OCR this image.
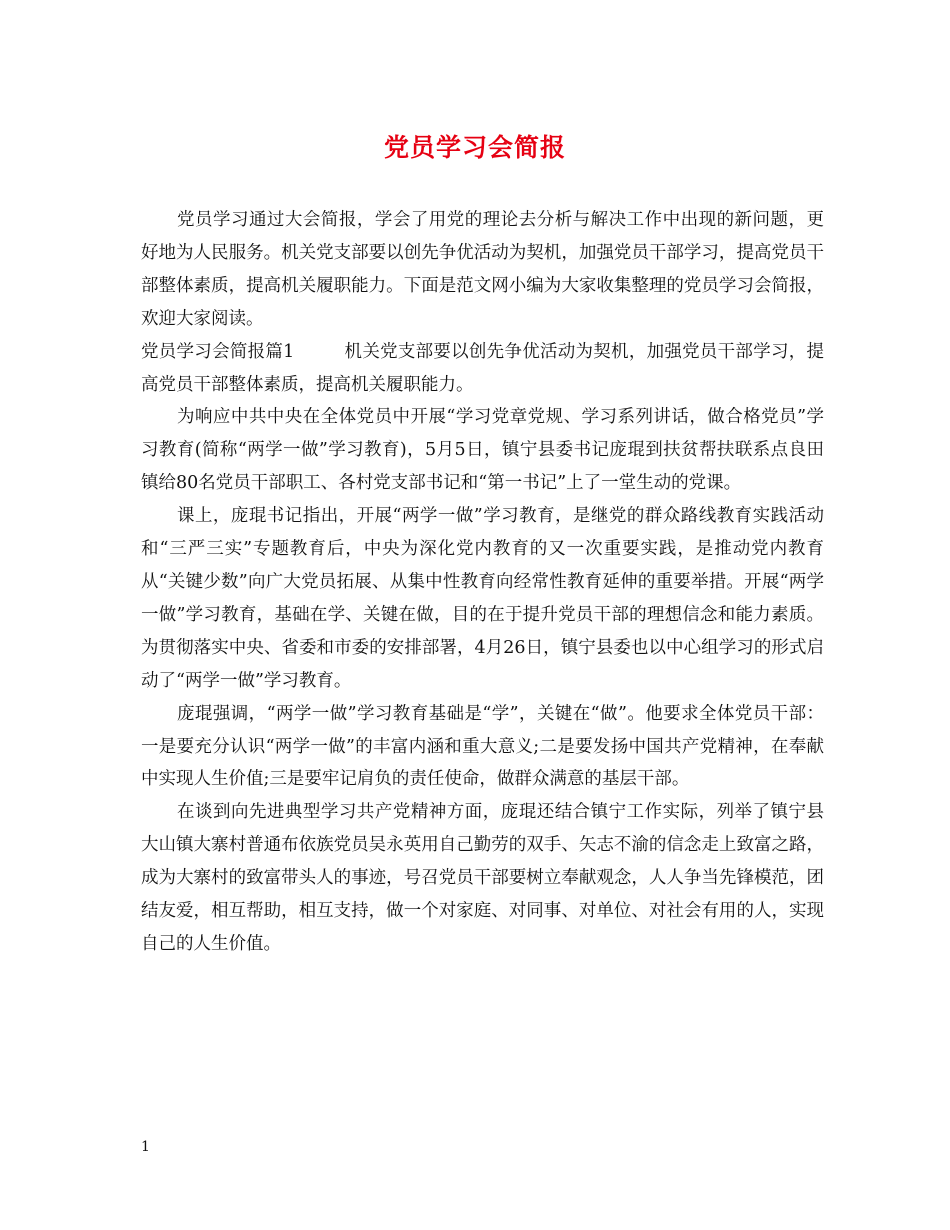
党员学习会简报

党员学习通过大会简报，学会了用党的理论去分析与解决工作中出现的新问题，更好地为人民服务。机关党支部要以创先争优活动为契机，加强党员干部学习，提高党员干部整体素质，提高机关履职能力。下面是范文网小编为大家收集整理的党员学习会简报，欢迎大家阅读。

党员学习会简报篇1	机关党支部要以创先争优活动为契机，加强党员干部学习，提高党员干部整体素质，提高机关履职能力。

为响应中共中央在全体党员中开展“学习党章党规、学习系列讲话，做合格党员”学习教育(简称“两学一做”学习教育)，5月5日，镇宁县委书记庞琨到扶贫帮扶联系点良田镇给80名党员干部职工、各村党支部书记和“第一书记”上了一堂生动的党课。

课上，庞琨书记指出，开展“两学一做”学习教育，是继党的群众路线教育实践活动和“三严三实”专题教育后，中央为深化党内教育的又一次重要实践，是推动党内教育从“关键少数”向广大党员拓展、从集中性教育向经常性教育延伸的重要举措。开展“两学一做”学习教育，基础在学、关键在做，目的在于提升党员干部的理想信念和能力素质。为贯彻落实中央、省委和市委的安排部署，4月26日，镇宁县委也以中心组学习的形式启动了“两学一做”学习教育。

庞琨强调，“两学一做”学习教育基础是“学”，关键在“做”。他要求全体党员干部：一是要充分认识“两学一做”的丰富内涵和重大意义;二是要发扬中国共产党精神，在奉献中实现人生价值;三是要牢记肩负的责任使命，做群众满意的基层干部。

在谈到向先进典型学习共产党精神方面，庞琨还结合镇宁工作实际，列举了镇宁县大山镇大寨村普通布依族党员吴永英用自己勤劳的双手、矢志不渝的信念走上致富之路，成为大寨村的致富带头人的事迹，号召党员干部要树立奉献观念，人人争当先锋模范，团结友爱，相互帮助，相互支持，做一个对家庭、对同事、对单位、对社会有用的人，实现自己的人生价值。

1
